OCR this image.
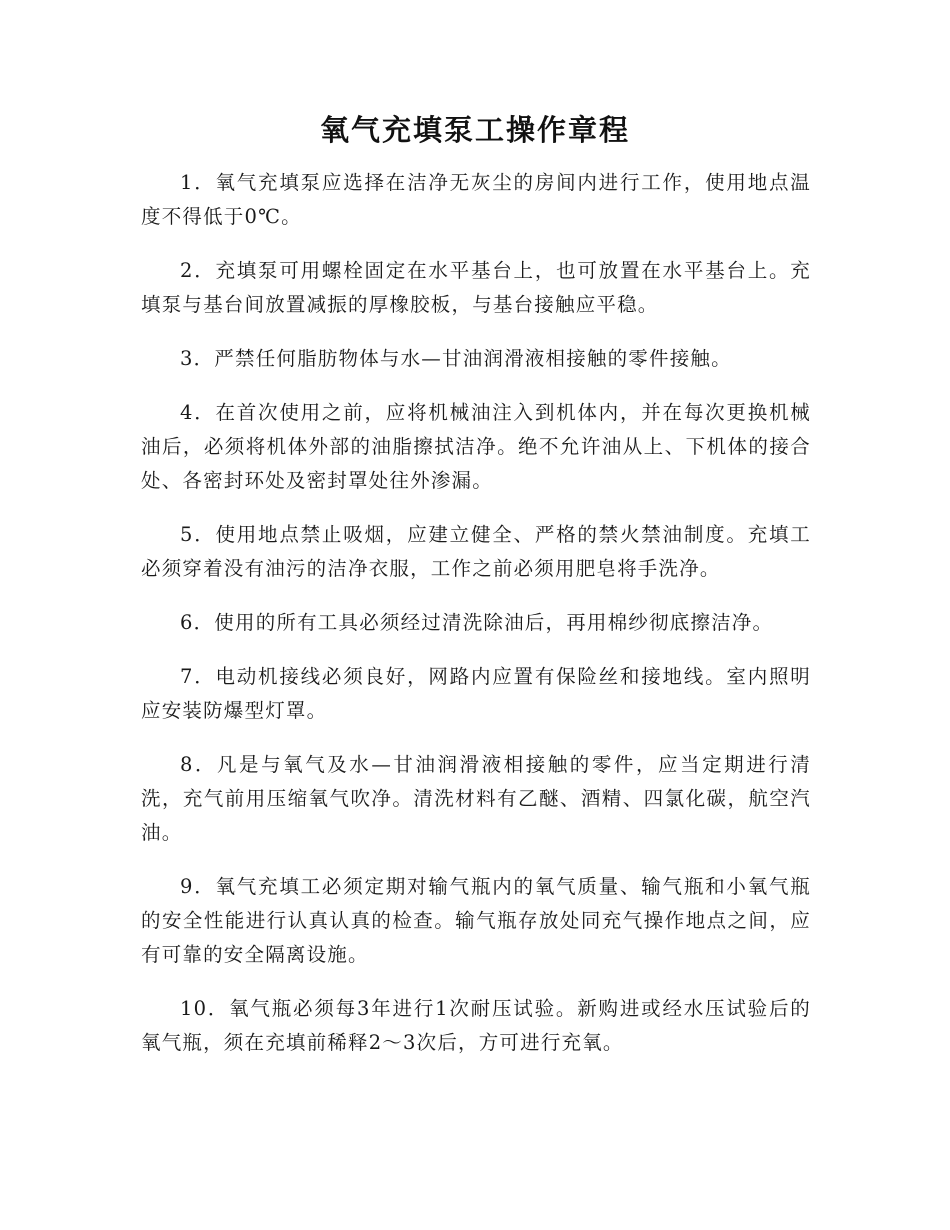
氧气充填泵工操作章程

1．氧气充填泵应选择在洁净无灰尘的房间内进行工作，使用地点温度不得低于0℃。

2．充填泵可用螺栓固定在水平基台上，也可放置在水平基台上。充填泵与基台间放置减振的厚橡胶板，与基台接触应平稳。

3．严禁任何脂肪物体与水—甘油润滑液相接触的零件接触。

4．在首次使用之前，应将机械油注入到机体内，并在每次更换机械油后，必须将机体外部的油脂擦拭洁净。绝不允许油从上、下机体的接合处、各密封环处及密封罩处往外渗漏。

5．使用地点禁止吸烟，应建立健全、严格的禁火禁油制度。充填工必须穿着没有油污的洁净衣服，工作之前必须用肥皂将手洗净。

6．使用的所有工具必须经过清洗除油后，再用棉纱彻底擦洁净。

7．电动机接线必须良好，网路内应置有保险丝和接地线。室内照明应安装防爆型灯罩。

8．凡是与氧气及水—甘油润滑液相接触的零件，应当定期进行清洗，充气前用压缩氧气吹净。清洗材料有乙醚、酒精、四氯化碳，航空汽油。

9．氧气充填工必须定期对输气瓶内的氧气质量、输气瓶和小氧气瓶的安全性能进行认真认真的检查。输气瓶存放处同充气操作地点之间，应有可靠的安全隔离设施。

10．氧气瓶必须每3年进行1次耐压试验。新购进或经水压试验后的氧气瓶，须在充填前稀释2～3次后，方可进行充氧。
